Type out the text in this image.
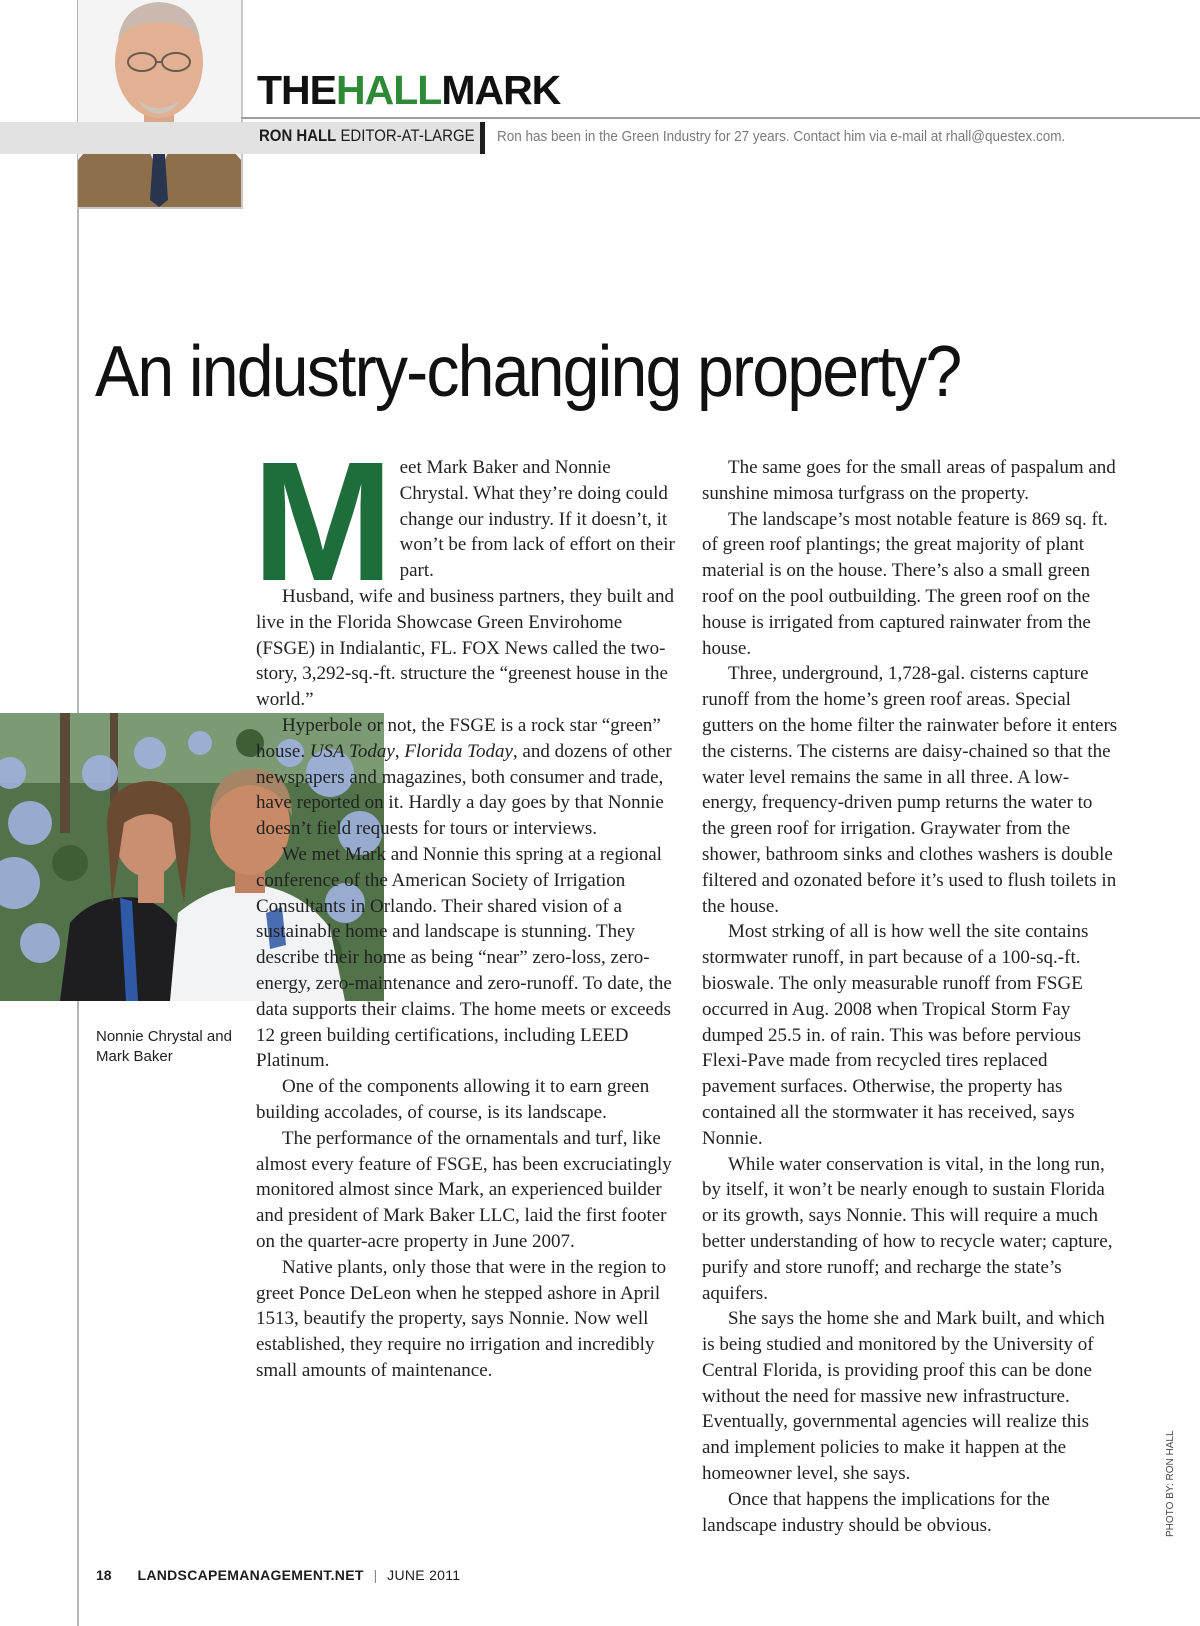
THEHALLMARK
RON HALL EDITOR-AT-LARGE Ron has been in the Green Industry for 27 years. Contact him via e-mail at rhall@questex.com.
An industry-changing property?

Meet Mark Baker and Nonnie Chrystal. What they’re doing could change our industry. If it doesn’t, it won’t be from lack of effort on their part.

Husband, wife and business partners, they built and live in the Florida Showcase Green Envirohome (FSGE) in Indialantic, FL. FOX News called the two-story, 3,292-sq.-ft. structure the “greenest house in the world.”

Hyperbole or not, the FSGE is a rock star “green” house. USA Today, Florida Today, and dozens of other newspapers and magazines, both consumer and trade, have reported on it. Hardly a day goes by that Nonnie doesn’t field requests for tours or interviews.

We met Mark and Nonnie this spring at a regional conference of the American Society of Irrigation Consultants in Orlando. Their shared vision of a sustainable home and landscape is stunning. They describe their home as being “near” zero-loss, zero-energy, zero-maintenance and zero-runoff. To date, the data supports their claims. The home meets or exceeds 12 green building certifications, including LEED Platinum.

One of the components allowing it to earn green building accolades, of course, is its landscape.

The performance of the ornamentals and turf, like almost every feature of FSGE, has been excruciatingly monitored almost since Mark, an experienced builder and president of Mark Baker LLC, laid the first footer on the quarter-acre property in June 2007.

Native plants, only those that were in the region to greet Ponce DeLeon when he stepped ashore in April 1513, beautify the property, says Nonnie. Now well established, they require no irrigation and incredibly small amounts of maintenance.

The same goes for the small areas of paspalum and sunshine mimosa turfgrass on the property.

The landscape’s most notable feature is 869 sq. ft. of green roof plantings; the great majority of plant material is on the house. There’s also a small green roof on the pool outbuilding. The green roof on the house is irrigated from captured rainwater from the house.

Three, underground, 1,728-gal. cisterns capture runoff from the home’s green roof areas. Special gutters on the home filter the rainwater before it enters the cisterns. The cisterns are daisy-chained so that the water level remains the same in all three. A low-energy, frequency-driven pump returns the water to the green roof for irrigation. Graywater from the shower, bathroom sinks and clothes washers is double filtered and ozonated before it’s used to flush toilets in the house.

Most strking of all is how well the site contains stormwater runoff, in part because of a 100-sq.-ft. bioswale. The only measurable runoff from FSGE occurred in Aug. 2008 when Tropical Storm Fay dumped 25.5 in. of rain. This was before pervious Flexi-Pave made from recycled tires replaced pavement surfaces. Otherwise, the property has contained all the stormwater it has received, says Nonnie.

While water conservation is vital, in the long run, by itself, it won’t be nearly enough to sustain Florida or its growth, says Nonnie. This will require a much better understanding of how to recycle water; capture, purify and store runoff; and recharge the state’s aquifers.

She says the home she and Mark built, and which is being studied and monitored by the University of Central Florida, is providing proof this can be done without the need for massive new infrastructure. Eventually, governmental agencies will realize this and implement policies to make it happen at the homeowner level, she says.

Once that happens the implications for the landscape industry should be obvious.

Nonnie Chrystal and Mark Baker
PHOTO BY: RON HALL
18 LANDSCAPEMANAGEMENT.NET | JUNE 2011
